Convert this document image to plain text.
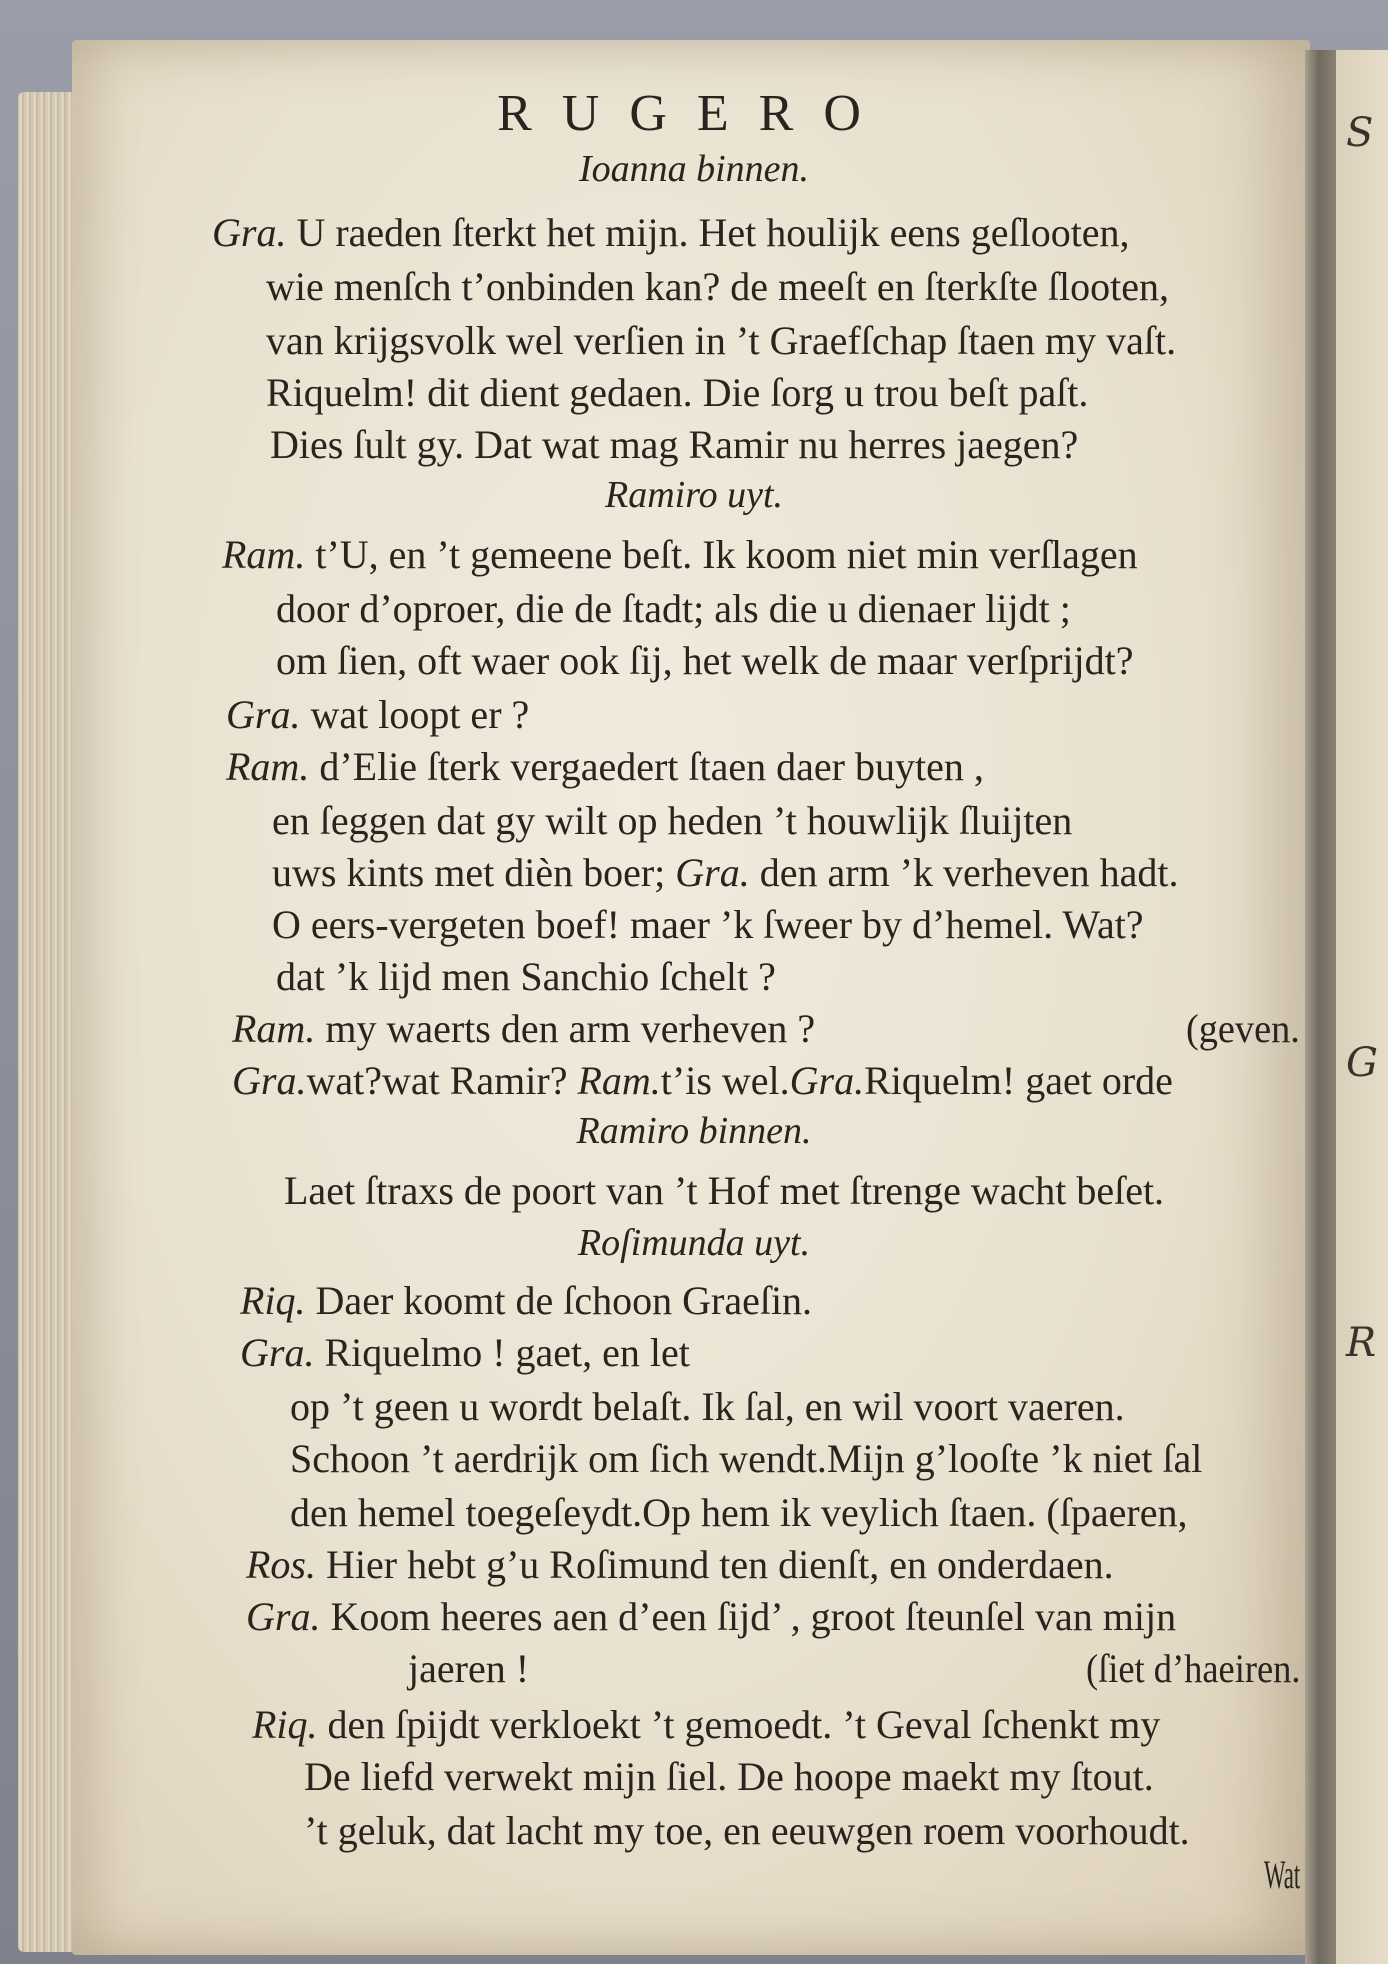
S
R
G
RUGERO
Ioanna binnen.
Gra. U raeden ſterkt het mijn. Het houlijk eens geſlooten,
wie menſch t’onbinden kan? de meeſt en ſterkſte ſlooten,
van krijgsvolk wel verſien in ’t Graefſchap ſtaen my vaſt.
Riquelm! dit dient gedaen. Die ſorg u trou beſt paſt.
Dies ſult gy. Dat wat mag Ramir nu herres jaegen?
Ramiro uyt.
Ram. t’U, en ’t gemeene beſt. Ik koom niet min verſlagen
door d’oproer, die de ſtadt; als die u dienaer lijdt ;
om ſien, oft waer ook ſij, het welk de maar verſprijdt?
Gra. wat loopt er ?
Ram. d’Elie ſterk vergaedert ſtaen daer buyten ,
en ſeggen dat gy wilt op heden ’t houwlijk ſluijten
uws kints met dièn boer; Gra. den arm ’k verheven hadt.
O eers-vergeten boef! maer ’k ſweer by d’hemel. Wat?
dat ’k lijd men Sanchio ſchelt ?
Ram. my waerts den arm verheven ?	(geven.
Gra.wat?wat Ramir? Ram.t’is wel.Gra.Riquelm! gaet orde
Ramiro binnen.
Laet ſtraxs de poort van ’t Hof met ſtrenge wacht beſet.
Roſimunda uyt.
Riq. Daer koomt de ſchoon Graeſin.
Gra. Riquelmo ! gaet, en let
op ’t geen u wordt belaſt. Ik ſal, en wil voort vaeren.
Schoon ’t aerdrijk om ſich wendt.Mijn g’looſte ’k niet ſal
den hemel toegeſeydt.Op hem ik veylich ſtaen. (ſpaeren,
Ros. Hier hebt g’u Roſimund ten dienſt, en onderdaen.
Gra. Koom heeres aen d’een ſijd’ , groot ſteunſel van mijn
jaeren !	(ſiet d’haeiren.
Riq. den ſpijdt verkloekt ’t gemoedt. ’t Geval ſchenkt my
De liefd verwekt mijn ſiel. De hoope maekt my ſtout.
’t geluk, dat lacht my toe, en eeuwgen roem voorhoudt.
Wat
